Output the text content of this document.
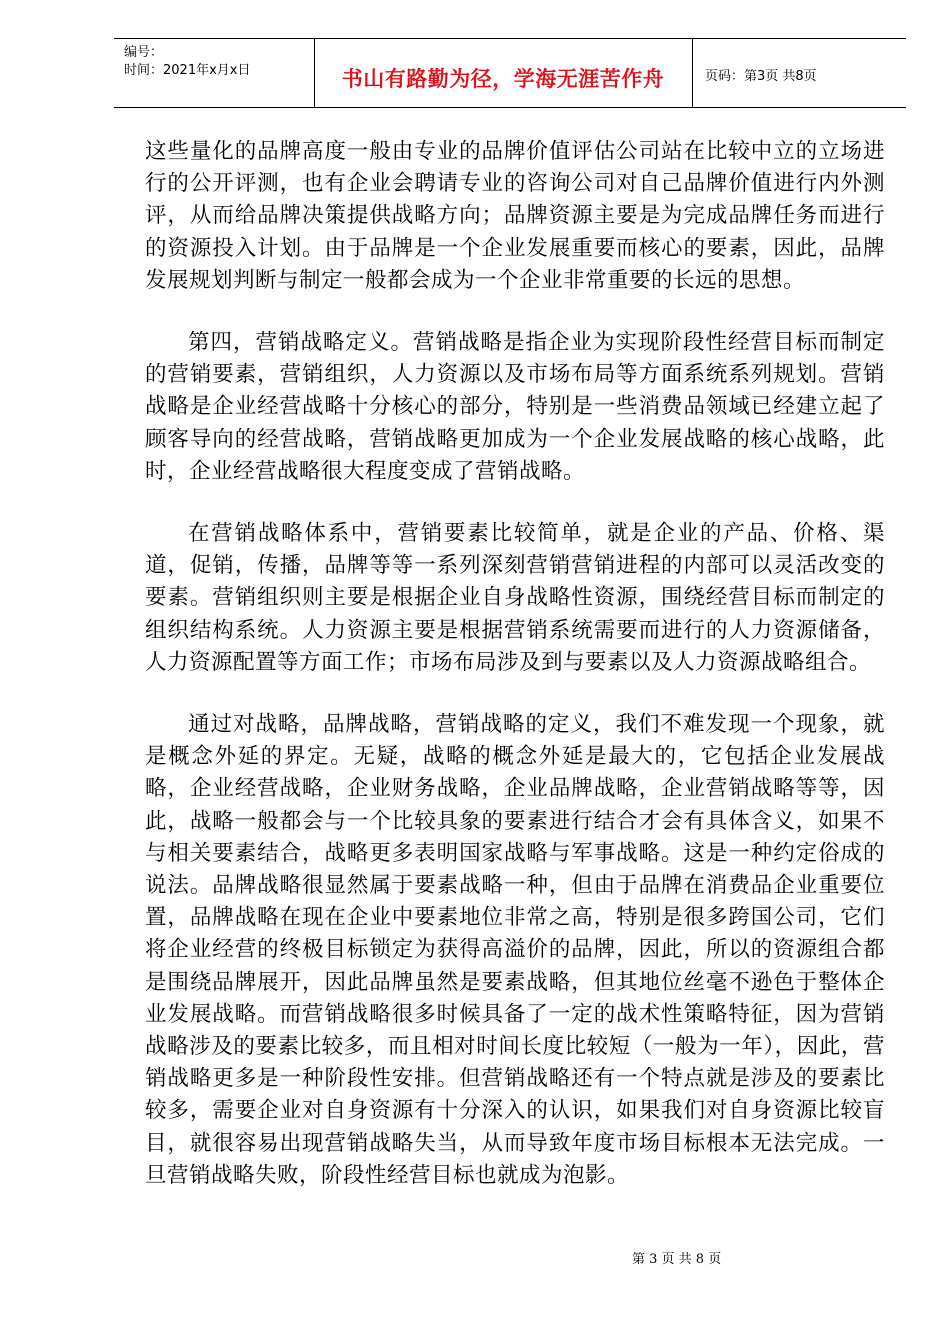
编号：
时间：2021年x月x日	书山有路勤为径，学海无涯苦作舟	页码：第3页 共8页

这些量化的品牌高度一般由专业的品牌价值评估公司站在比较中立的立场进行的公开评测，也有企业会聘请专业的咨询公司对自己品牌价值进行内外测评，从而给品牌决策提供战略方向；品牌资源主要是为完成品牌任务而进行的资源投入计划。由于品牌是一个企业发展重要而核心的要素，因此，品牌发展规划判断与制定一般都会成为一个企业非常重要的长远的思想。

第四，营销战略定义。营销战略是指企业为实现阶段性经营目标而制定的营销要素，营销组织，人力资源以及市场布局等方面系统系列规划。营销战略是企业经营战略十分核心的部分，特别是一些消费品领域已经建立起了顾客导向的经营战略，营销战略更加成为一个企业发展战略的核心战略，此时，企业经营战略很大程度变成了营销战略。

在营销战略体系中，营销要素比较简单，就是企业的产品、价格、渠道，促销，传播，品牌等等一系列深刻营销营销进程的内部可以灵活改变的要素。营销组织则主要是根据企业自身战略性资源，围绕经营目标而制定的组织结构系统。人力资源主要是根据营销系统需要而进行的人力资源储备，人力资源配置等方面工作；市场布局涉及到与要素以及人力资源战略组合。

通过对战略，品牌战略，营销战略的定义，我们不难发现一个现象，就是概念外延的界定。无疑，战略的概念外延是最大的，它包括企业发展战略，企业经营战略，企业财务战略，企业品牌战略，企业营销战略等等，因此，战略一般都会与一个比较具象的要素进行结合才会有具体含义，如果不与相关要素结合，战略更多表明国家战略与军事战略。这是一种约定俗成的说法。品牌战略很显然属于要素战略一种，但由于品牌在消费品企业重要位置，品牌战略在现在企业中要素地位非常之高，特别是很多跨国公司，它们将企业经营的终极目标锁定为获得高溢价的品牌，因此，所以的资源组合都是围绕品牌展开，因此品牌虽然是要素战略，但其地位丝毫不逊色于整体企业发展战略。而营销战略很多时候具备了一定的战术性策略特征，因为营销战略涉及的要素比较多，而且相对时间长度比较短（一般为一年），因此，营销战略更多是一种阶段性安排。但营销战略还有一个特点就是涉及的要素比较多，需要企业对自身资源有十分深入的认识，如果我们对自身资源比较盲目，就很容易出现营销战略失当，从而导致年度市场目标根本无法完成。一旦营销战略失败，阶段性经营目标也就成为泡影。

第 3 页 共 8 页
